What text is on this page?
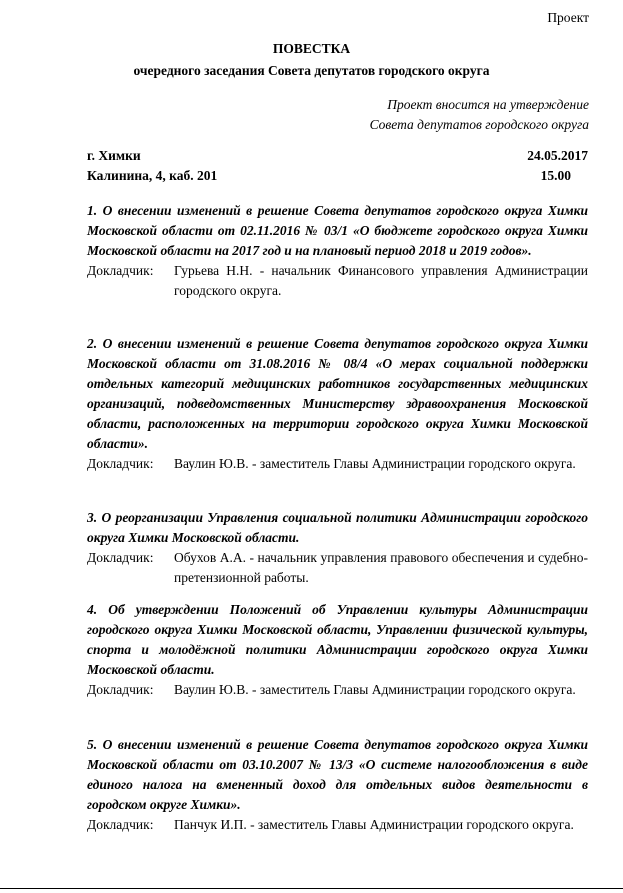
Проект
ПОВЕСТКА
очередного заседания Совета депутатов городского округа
Проект вносится на утверждение
Совета депутатов городского округа
г. Химки	24.05.2017
Калинина, 4, каб. 201	15.00
1. О внесении изменений в решение Совета депутатов городского округа Химки Московской области от 02.11.2016 № 03/1 «О бюджете городского округа Химки Московской области на 2017 год и на плановый период 2018 и 2019 годов».
Докладчик:	Гурьева Н.Н. - начальник Финансового управления Администрации городского округа.
2. О внесении изменений в решение Совета депутатов городского округа Химки Московской области от 31.08.2016 № 08/4 «О мерах социальной поддержки отдельных категорий медицинских работников государственных медицинских организаций, подведомственных Министерству здравоохранения Московской области, расположенных на территории городского округа Химки Московской области».
Докладчик:	Ваулин Ю.В. - заместитель Главы Администрации городского округа.
3. О реорганизации Управления социальной политики Администрации городского округа Химки Московской области.
Докладчик:	Обухов А.А. - начальник управления правового обеспечения и судебно-претензионной работы.
4. Об утверждении Положений об Управлении культуры Администрации городского округа Химки Московской области, Управлении физической культуры, спорта и молодёжной политики Администрации городского округа Химки Московской области.
Докладчик:	Ваулин Ю.В. - заместитель Главы Администрации городского округа.
5. О внесении изменений в решение Совета депутатов городского округа Химки Московской области от 03.10.2007 № 13/3 «О системе налогообложения в виде единого налога на вмененный доход для отдельных видов деятельности в городском округе Химки».
Докладчик:	Панчук И.П. - заместитель Главы Администрации городского округа.
